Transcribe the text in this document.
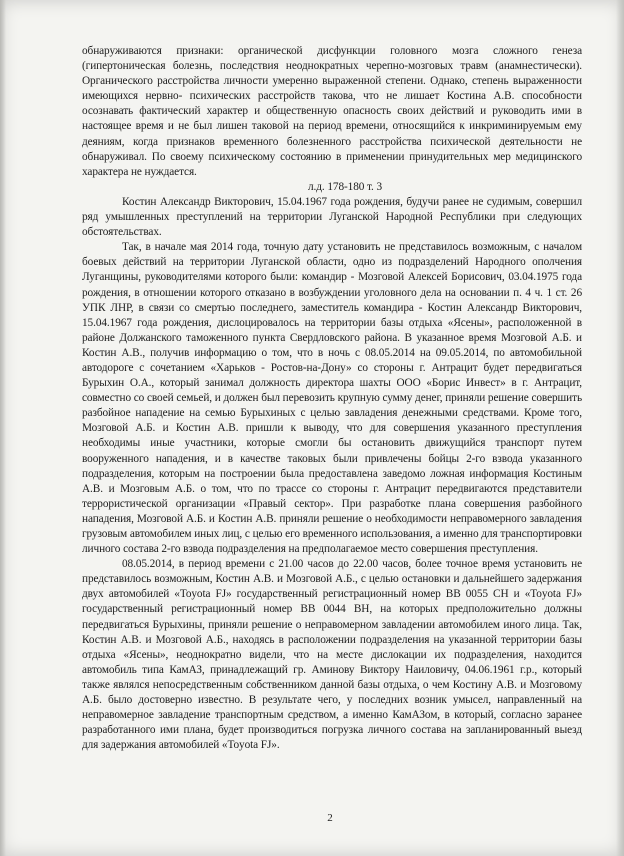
обнаруживаются признаки: органической дисфункции головного мозга сложного генеза (гипертоническая болезнь, последствия неоднократных черепно-мозговых травм (анамнестически). Органического расстройства личности умеренно выраженной степени. Однако, степень выраженности имеющихся нервно- психических расстройств такова, что не лишает Костина А.В. способности осознавать фактический характер и общественную опасность своих действий и руководить ими в настоящее время и не был лишен таковой на период времени, относящийся к инкриминируемым ему деяниям, когда признаков временного болезненного расстройства психической деятельности не обнаруживал. По своему психическому состоянию в применении принудительных мер медицинского характера не нуждается.

л.д. 178-180 т. 3

Костин Александр Викторович, 15.04.1967 года рождения, будучи ранее не судимым, совершил ряд умышленных преступлений на территории Луганской Народной Республики при следующих обстоятельствах.

Так, в начале мая 2014 года, точную дату установить не представилось возможным, с началом боевых действий на территории Луганской области, одно из подразделений Народного ополчения Луганщины, руководителями которого были: командир - Мозговой Алексей Борисович, 03.04.1975 года рождения, в отношении которого отказано в возбуждении уголовного дела на основании п. 4 ч. 1 ст. 26 УПК ЛНР, в связи со смертью последнего, заместитель командира - Костин Александр Викторович, 15.04.1967 года рождения, дислоцировалось на территории базы отдыха «Ясены», расположенной в районе Должанского таможенного пункта Свердловского района. В указанное время Мозговой А.Б. и Костин А.В., получив информацию о том, что в ночь с 08.05.2014 на 09.05.2014, по автомобильной автодороге с сочетанием «Харьков - Ростов-на-Дону» со стороны г. Антрацит будет передвигаться Бурыхин О.А., который занимал должность директора шахты ООО «Борис Инвест» в г. Антрацит, совместно со своей семьей, и должен был перевозить крупную сумму денег, приняли решение совершить разбойное нападение на семью Бурыхиных с целью завладения денежными средствами. Кроме того, Мозговой А.Б. и Костин А.В. пришли к выводу, что для совершения указанного преступления необходимы иные участники, которые смогли бы остановить движущийся транспорт путем вооруженного нападения, и в качестве таковых были привлечены бойцы 2-го взвода указанного подразделения, которым на построении была предоставлена заведомо ложная информация Костиным А.В. и Мозговым А.Б. о том, что по трассе со стороны г. Антрацит передвигаются представители террористической организации «Правый сектор». При разработке плана совершения разбойного нападения, Мозговой А.Б. и Костин А.В. приняли решение о необходимости неправомерного завладения грузовым автомобилем иных лиц, с целью его временного использования, а именно для транспортировки личного состава 2-го взвода подразделения на предполагаемое место совершения преступления.

08.05.2014, в период времени с 21.00 часов до 22.00 часов, более точное время установить не представилось возможным, Костин А.В. и Мозговой А.Б., с целью остановки и дальнейшего задержания двух автомобилей «Toyota FJ» государственный регистрационный номер ВВ 0055 СН и «Toyota FJ» государственный регистрационный номер ВВ 0044 ВН, на которых предположительно должны передвигаться Бурыхины, приняли решение о неправомерном завладении автомобилем иного лица. Так, Костин А.В. и Мозговой А.Б., находясь в расположении подразделения на указанной территории базы отдыха «Ясены», неоднократно видели, что на месте дислокации их подразделения, находится автомобиль типа КамАЗ, принадлежащий гр. Аминову Виктору Наиловичу, 04.06.1961 г.р., который также являлся непосредственным собственником данной базы отдыха, о чем Костину А.В. и Мозговому А.Б. было достоверно известно. В результате чего, у последних возник умысел, направленный на неправомерное завладение транспортным средством, а именно КамАЗом, в который, согласно заранее разработанного ими плана, будет производиться погрузка личного состава на запланированный выезд для задержания автомобилей «Toyota FJ».

2
